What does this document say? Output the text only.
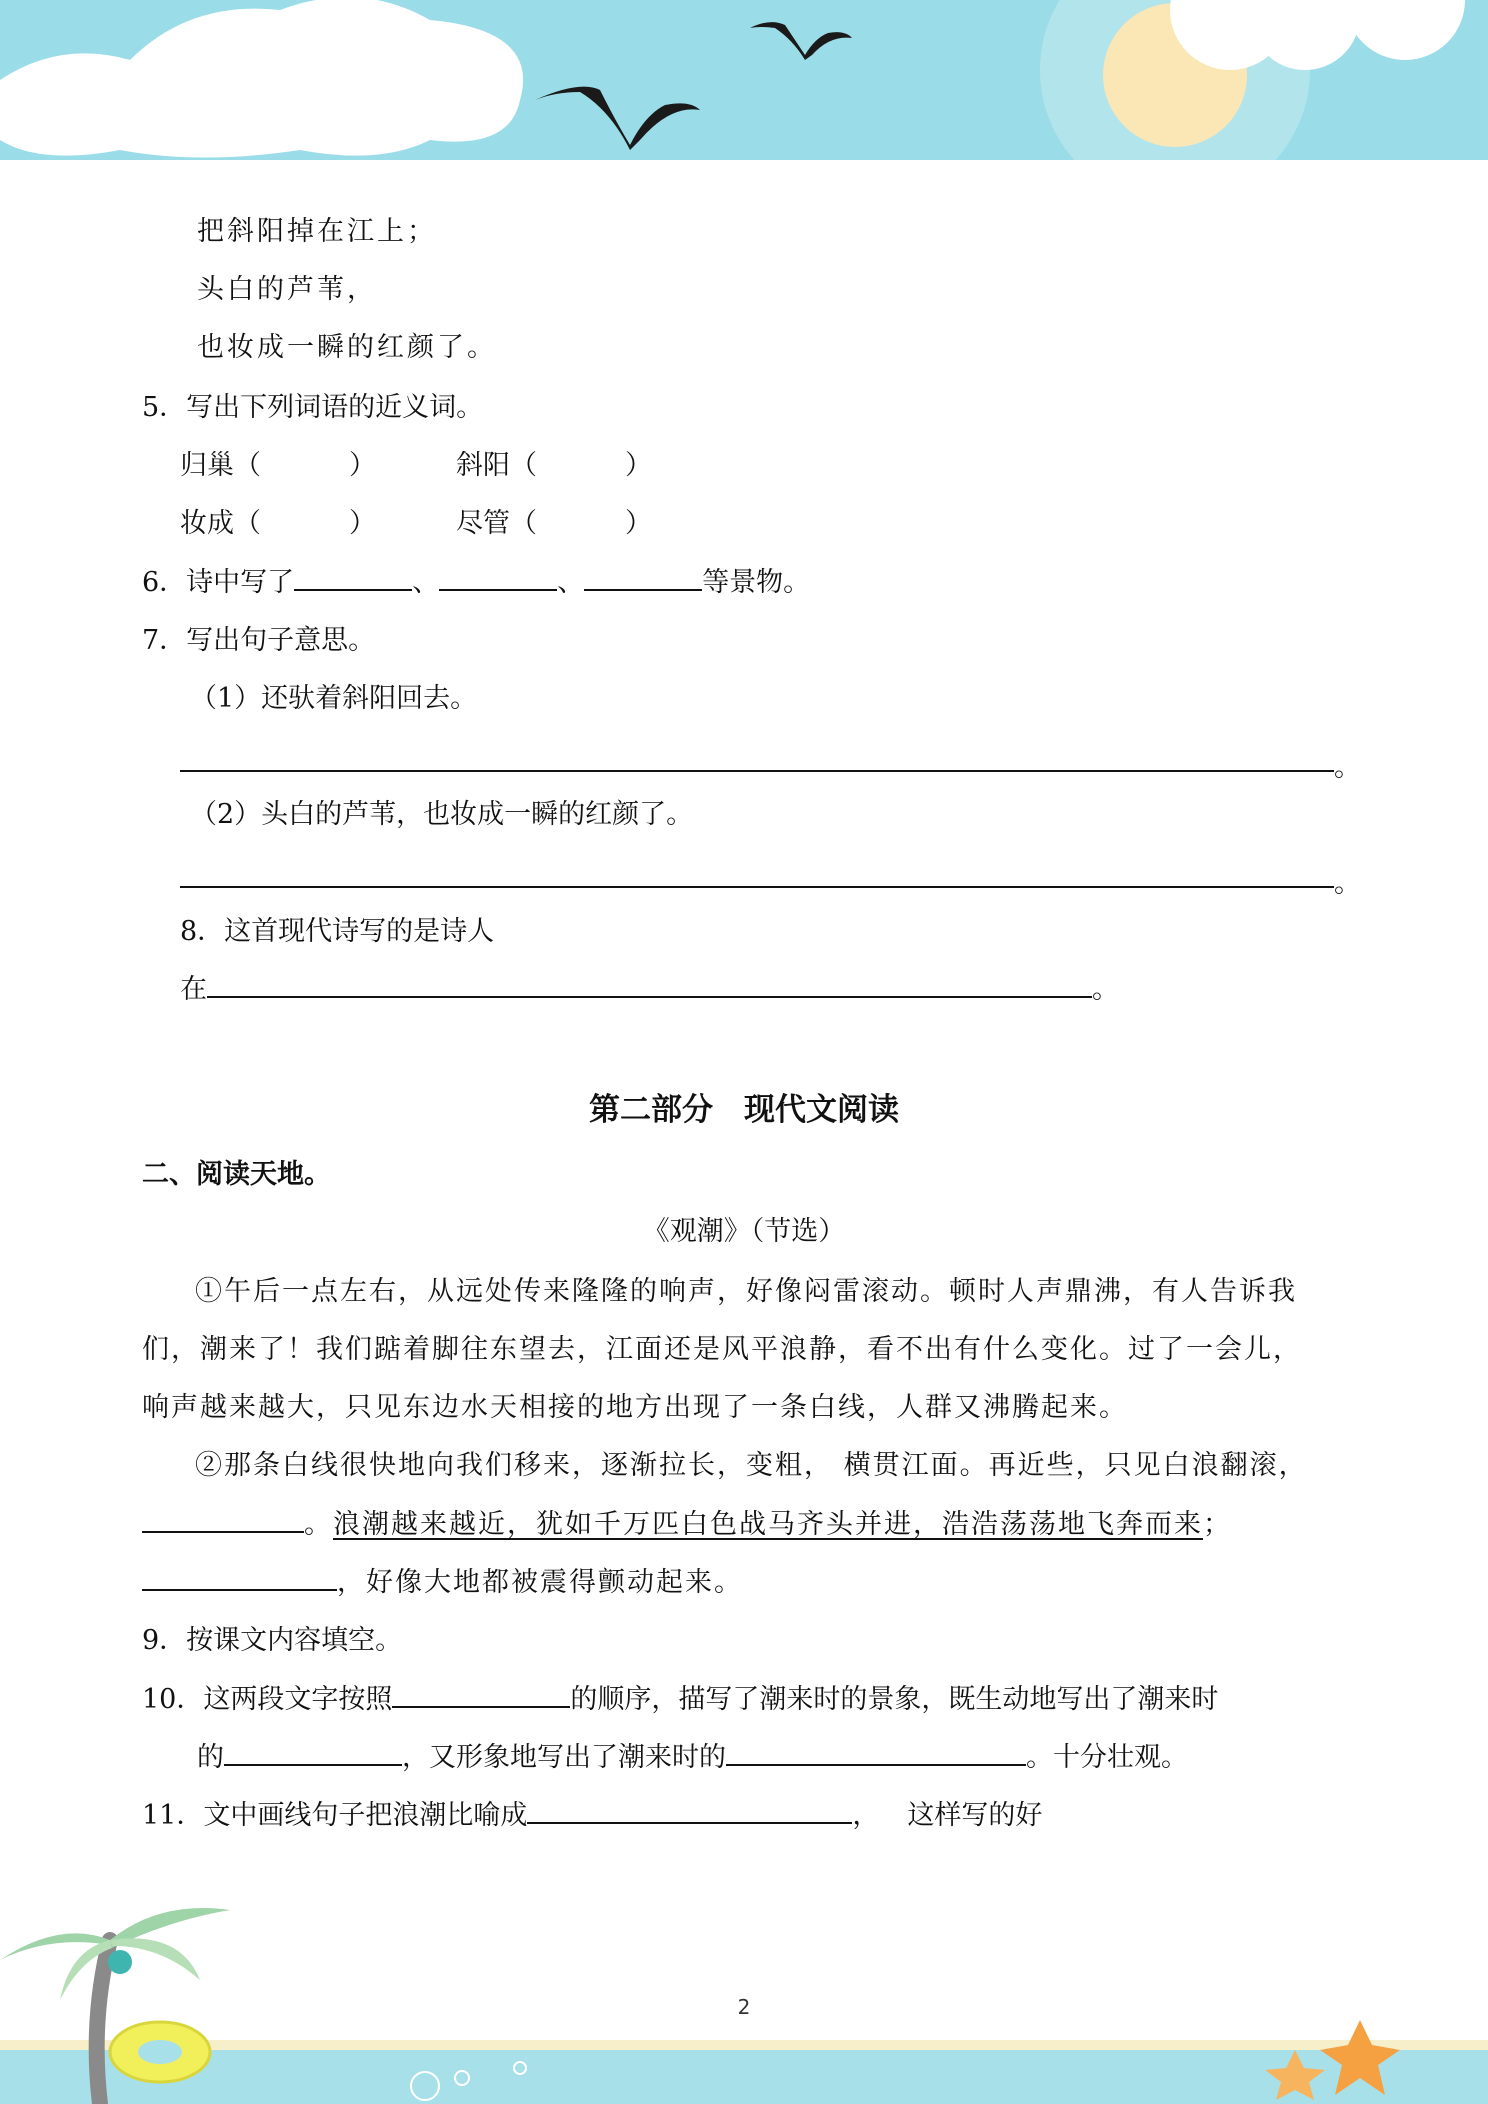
把斜阳掉在江上；
头白的芦苇，
也妆成一瞬的红颜了。
5．写出下列词语的近义词。
归巢（	）	斜阳（	）
妆成（	）	尽管（	）
6．诗中写了	、	、	等景物。
7．写出句子意思。
（1）还驮着斜阳回去。
。
（2）头白的芦苇，也妆成一瞬的红颜了。
。
8．这首现代诗写的是诗人
在	。
第二部分　现代文阅读
二、阅读天地。
《观潮》（节选）
①午后一点左右，从远处传来隆隆的响声，好像闷雷滚动。顿时人声鼎沸，有人告诉我
们，潮来了！我们踮着脚往东望去，江面还是风平浪静，看不出有什么变化。过了一会儿，
响声越来越大，只见东边水天相接的地方出现了一条白线，人群又沸腾起来。
②那条白线很快地向我们移来，逐渐拉长，变粗， 横贯江面。再近些，只见白浪翻滚，
。浪潮越来越近，犹如千万匹白色战马齐头并进，浩浩荡荡地飞奔而来；
，好像大地都被震得颤动起来。
9．按课文内容填空。
10．这两段文字按照	的顺序，描写了潮来时的景象，既生动地写出了潮来时
的	，又形象地写出了潮来时的	。十分壮观。
11．文中画线句子把浪潮比喻成	， 这样写的好
2
